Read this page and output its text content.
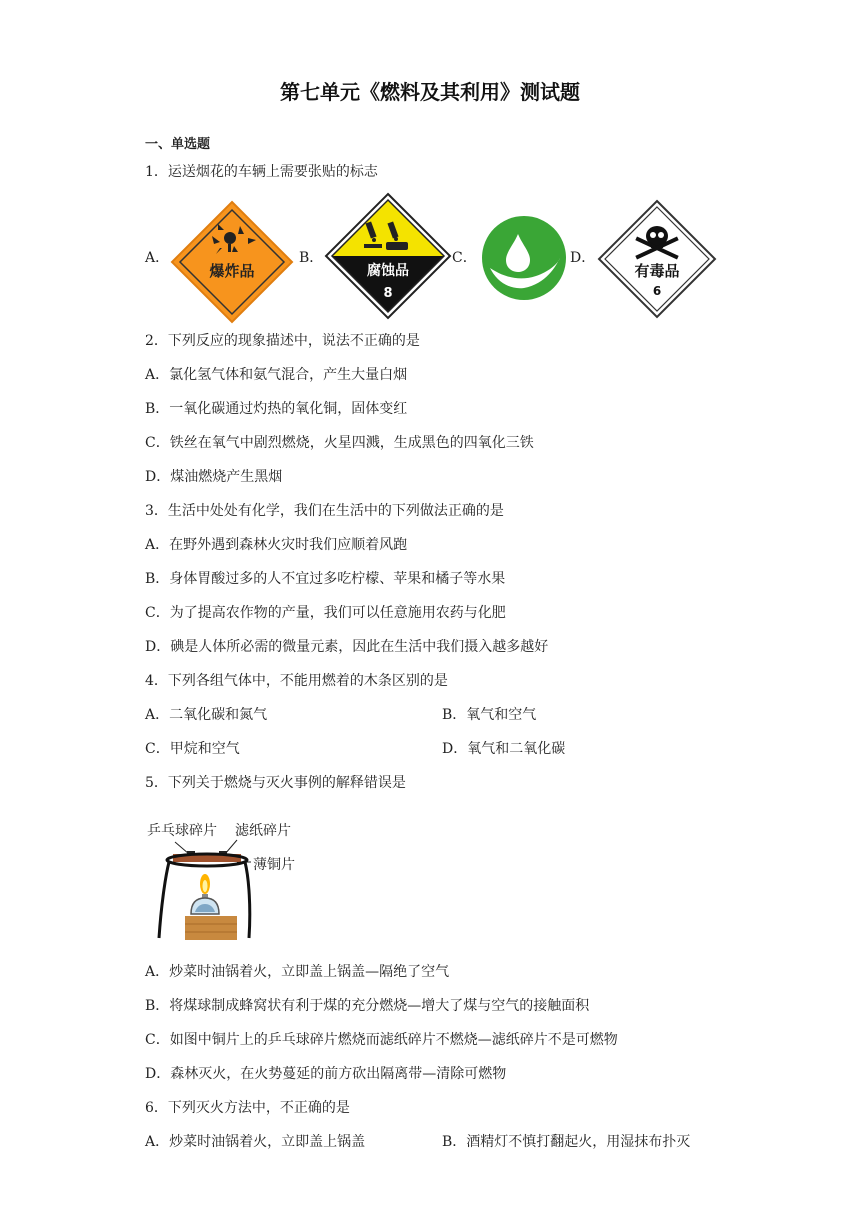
第七单元《燃料及其利用》测试题
一、单选题
1．运送烟花的车辆上需要张贴的标志
A．
爆炸品
B．
腐蚀品
8
C．	D．
有毒品
6
2．下列反应的现象描述中，说法不正确的是
A．氯化氢气体和氨气混合，产生大量白烟
B．一氧化碳通过灼热的氧化铜，固体变红
C．铁丝在氧气中剧烈燃烧，火星四溅，生成黑色的四氧化三铁
D．煤油燃烧产生黑烟
3．生活中处处有化学，我们在生活中的下列做法正确的是
A．在野外遇到森林火灾时我们应顺着风跑
B．身体胃酸过多的人不宜过多吃柠檬、苹果和橘子等水果
C．为了提高农作物的产量，我们可以任意施用农药与化肥
D．碘是人体所必需的微量元素，因此在生活中我们摄入越多越好
4．下列各组气体中，不能用燃着的木条区别的是
A．二氧化碳和氮气	B．氧气和空气
C．甲烷和空气	D．氧气和二氧化碳
5．下列关于燃烧与灭火事例的解释错误是
乒乓球碎片 滤纸碎片
薄铜片
A．炒菜时油锅着火，立即盖上锅盖—隔绝了空气
B．将煤球制成蜂窝状有利于煤的充分燃烧—增大了煤与空气的接触面积
C．如图中铜片上的乒乓球碎片燃烧而滤纸碎片不燃烧—滤纸碎片不是可燃物
D．森林灭火，在火势蔓延的前方砍出隔离带—清除可燃物
6．下列灭火方法中，不正确的是
A．炒菜时油锅着火，立即盖上锅盖	B．酒精灯不慎打翻起火，用湿抹布扑灭
